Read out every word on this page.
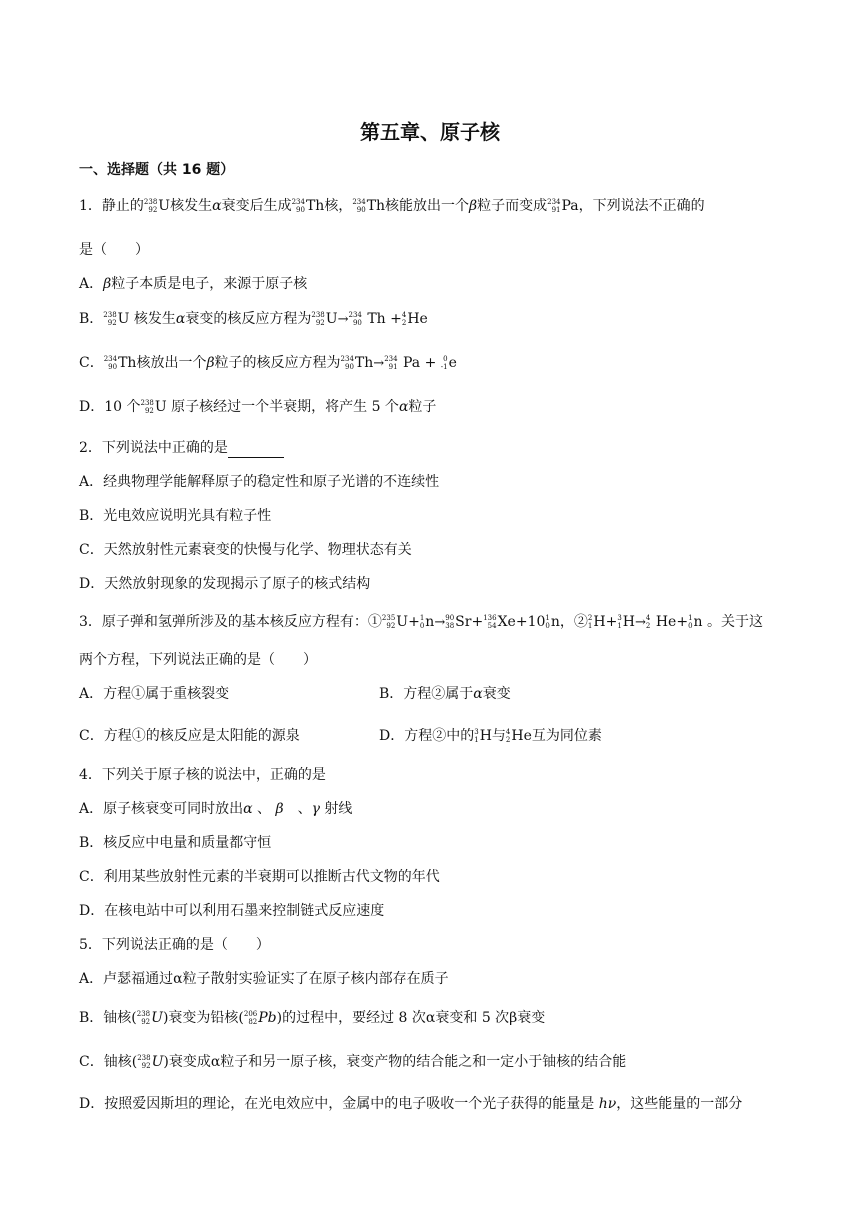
第五章、原子核
一、选择题（共 16 题）
1．静止的 238
92 U核发生α衰变后生成 234
90 Th核， 234
90 Th核能放出一个β粒子而变成 234
91 Pa，下列说法不正确的
是（　　）
A．β粒子本质是电子，来源于原子核
B． 238
92 U 核发生α衰变的核反应方程为 238
92 U→ 234
90 Th + 4
2 He
C． 234
90 Th核放出一个β粒子的核反应方程为 234
90 Th→ 234
91 Pa + 0
-1 e
D．10 个 238
92 U 原子核经过一个半衰期，将产生 5 个α粒子
2．下列说法中正确的是
A．经典物理学能解释原子的稳定性和原子光谱的不连续性
B．光电效应说明光具有粒子性
C．天然放射性元素衰变的快慢与化学、物理状态有关
D．天然放射现象的发现揭示了原子的核式结构
3．原子弹和氢弹所涉及的基本核反应方程有：① 235
92 U+ 1
0 n→ 90
38 Sr+ 136
54 Xe+10 1
0 n，② 2
1 H+ 3
1 H→ 4
2 He+ 1
0 n 。关于这
两个方程，下列说法正确的是（　　）
A．方程①属于重核裂变	B．方程②属于α衰变
C．方程①的核反应是太阳能的源泉	D．方程②中的 3
1 H与 4
2 He互为同位素
4．下列关于原子核的说法中，正确的是
A．原子核衰变可同时放出α 、 β　、γ 射线
B．核反应中电量和质量都守恒
C．利用某些放射性元素的半衰期可以推断古代文物的年代
D．在核电站中可以利用石墨来控制链式反应速度
5．下列说法正确的是（　　）
A．卢瑟福通过α粒子散射实验证实了在原子核内部存在质子
B．铀核( 238
92 U)衰变为铅核( 206
82 Pb)的过程中，要经过 8 次α衰变和 5 次β衰变
C．铀核( 238
92 U)衰变成α粒子和另一原子核，衰变产物的结合能之和一定小于铀核的结合能
D．按照爱因斯坦的理论，在光电效应中，金属中的电子吸收一个光子获得的能量是 hν，这些能量的一部分
